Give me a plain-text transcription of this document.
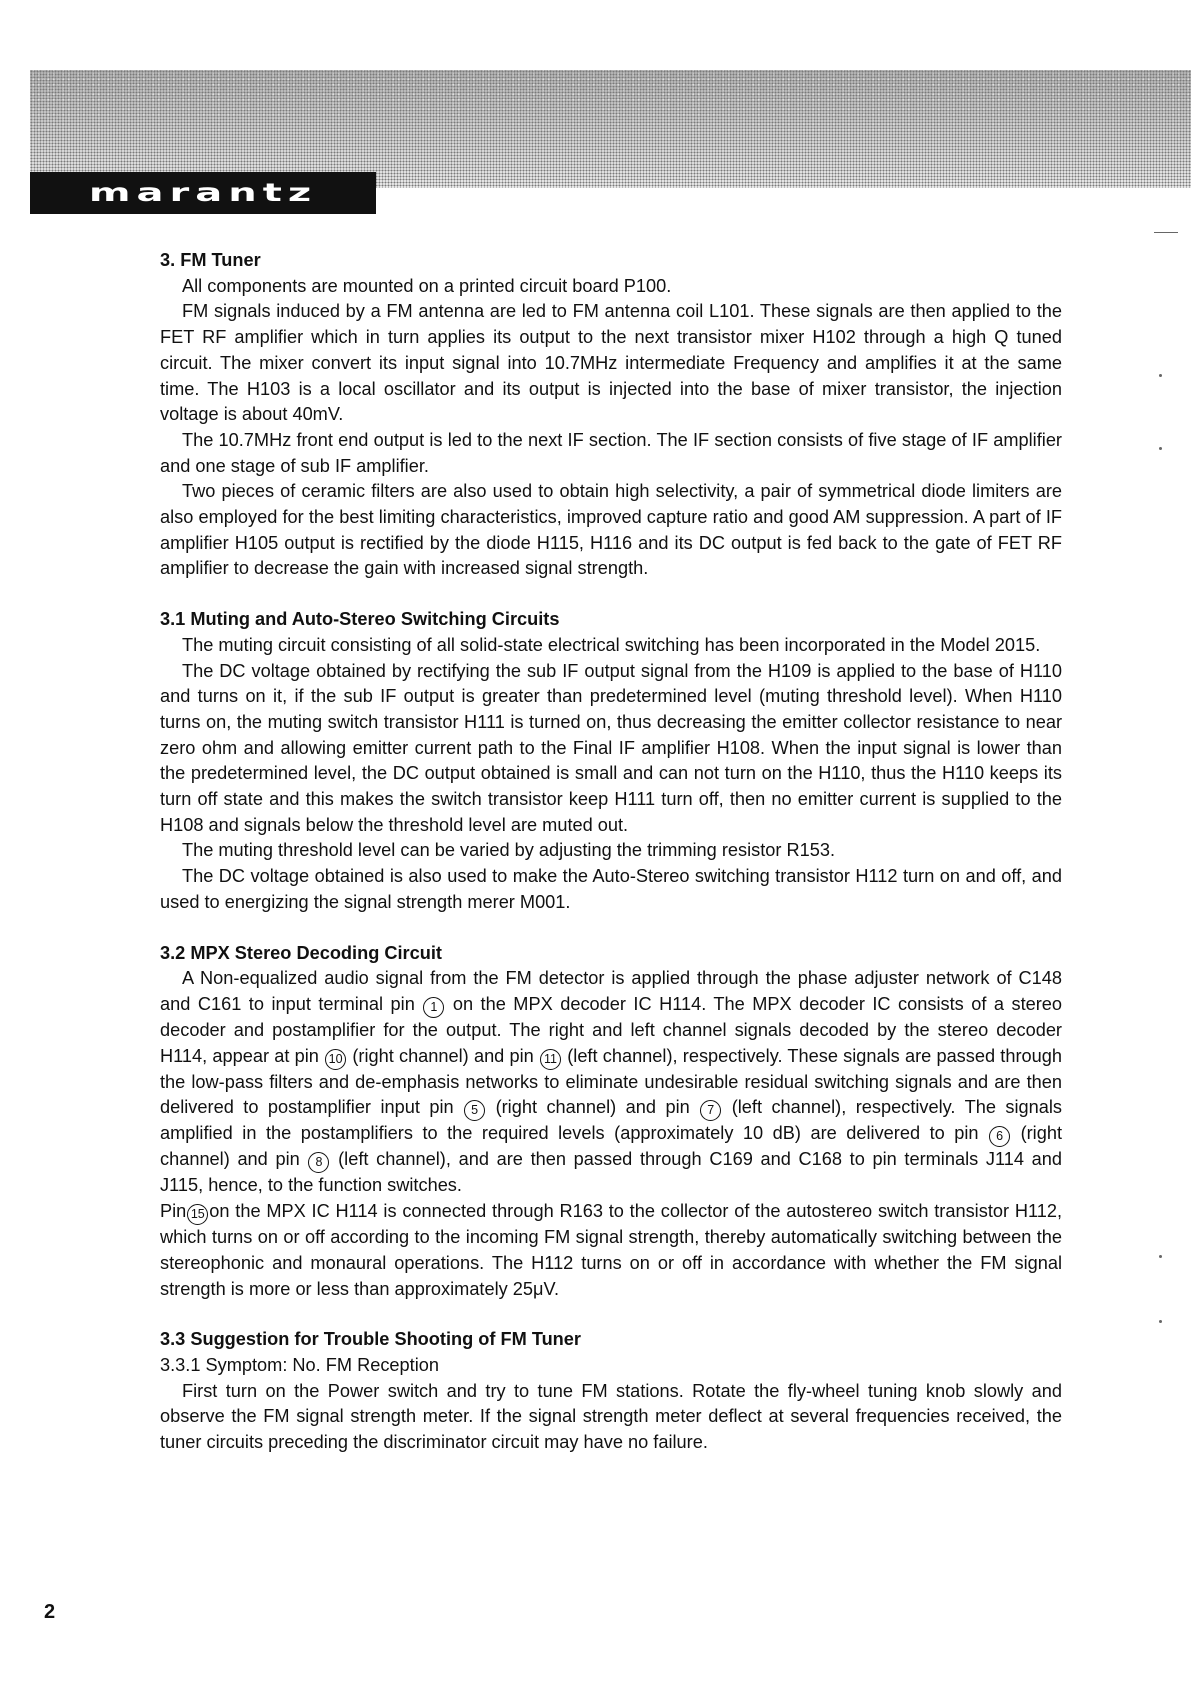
marantz
3. FM Tuner

All components are mounted on a printed circuit board P100.

FM signals induced by a FM antenna are led to FM antenna coil L101. These signals are then applied to the FET RF amplifier which in turn applies its output to the next transistor mixer H102 through a high Q tuned circuit. The mixer convert its input signal into 10.7MHz intermediate Frequency and amplifies it at the same time. The H103 is a local oscillator and its output is injected into the base of mixer transistor, the injection voltage is about 40mV.

The 10.7MHz front end output is led to the next IF section. The IF section consists of five stage of IF amplifier and one stage of sub IF amplifier.

Two pieces of ceramic filters are also used to obtain high selectivity, a pair of symmetrical diode limiters are also employed for the best limiting characteristics, improved capture ratio and good AM suppression. A part of IF amplifier H105 output is rectified by the diode H115, H116 and its DC output is fed back to the gate of FET RF amplifier to decrease the gain with increased signal strength.

3.1 Muting and Auto-Stereo Switching Circuits

The muting circuit consisting of all solid-state electrical switching has been incorporated in the Model 2015.

The DC voltage obtained by rectifying the sub IF output signal from the H109 is applied to the base of H110 and turns on it, if the sub IF output is greater than predetermined level (muting threshold level). When H110 turns on, the muting switch transistor H111 is turned on, thus decreasing the emitter collector resistance to near zero ohm and allowing emitter current path to the Final IF amplifier H108. When the input signal is lower than the predetermined level, the DC output obtained is small and can not turn on the H110, thus the H110 keeps its turn off state and this makes the switch transistor keep H111 turn off, then no emitter current is supplied to the H108 and signals below the threshold level are muted out.

The muting threshold level can be varied by adjusting the trimming resistor R153.

The DC voltage obtained is also used to make the Auto-Stereo switching transistor H112 turn on and off, and used to energizing the signal strength merer M001.

3.2 MPX Stereo Decoding Circuit

A Non-equalized audio signal from the FM detector is applied through the phase adjuster network of C148 and C161 to input terminal pin 1 on the MPX decoder IC H114. The MPX decoder IC consists of a stereo decoder and postamplifier for the output. The right and left channel signals decoded by the stereo decoder H114, appear at pin 10 (right channel) and pin 11 (left channel), respectively. These signals are passed through the low-pass filters and de-emphasis networks to eliminate undesirable residual switching signals and are then delivered to postamplifier input pin 5 (right channel) and pin 7 (left channel), respectively. The signals amplified in the postamplifiers to the required levels (approximately 10 dB) are delivered to pin 6 (right channel) and pin 8 (left channel), and are then passed through C169 and C168 to pin terminals J114 and J115, hence, to the function switches.

Pin 15 on the MPX IC H114 is connected through R163 to the collector of the autostereo switch transistor H112, which turns on or off according to the incoming FM signal strength, thereby automatically switching between the stereophonic and monaural operations. The H112 turns on or off in accordance with whether the FM signal strength is more or less than approximately 25μV.

3.3 Suggestion for Trouble Shooting of FM Tuner
3.3.1 Symptom: No. FM Reception

First turn on the Power switch and try to tune FM stations. Rotate the fly-wheel tuning knob slowly and observe the FM signal strength meter. If the signal strength meter deflect at several frequencies received, the tuner circuits preceding the discriminator circuit may have no failure.

2
